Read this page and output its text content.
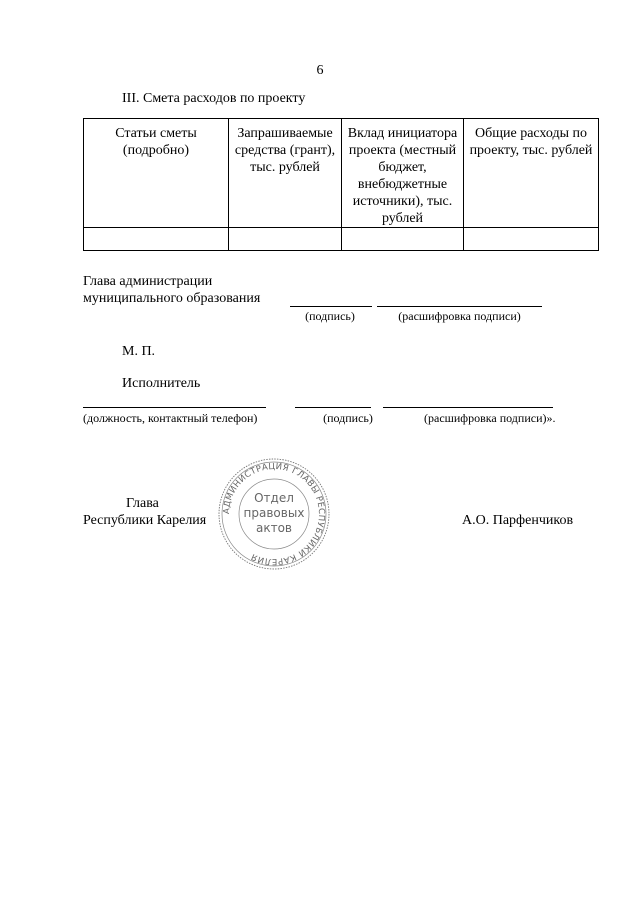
6
III. Смета расходов по проекту
Статьи сметы (подробно)	Запрашиваемые средства (грант), тыс. рублей	Вклад инициатора проекта (местный бюджет, внебюджетные источники), тыс. рублей	Общие расходы по проекту, тыс. рублей

Глава администрации
муниципального образования
(подпись)	(расшифровка подписи)
М. П.
Исполнитель
(должность, контактный телефон)	(подпись)	(расшифровка подписи)».
Глава
Республики Карелия	А.О. Парфенчиков
АДМИНИСТРАЦИЯ ГЛАВЫ РЕСПУБЛИКИ КАРЕЛИЯ
Отдел
правовых
актов
